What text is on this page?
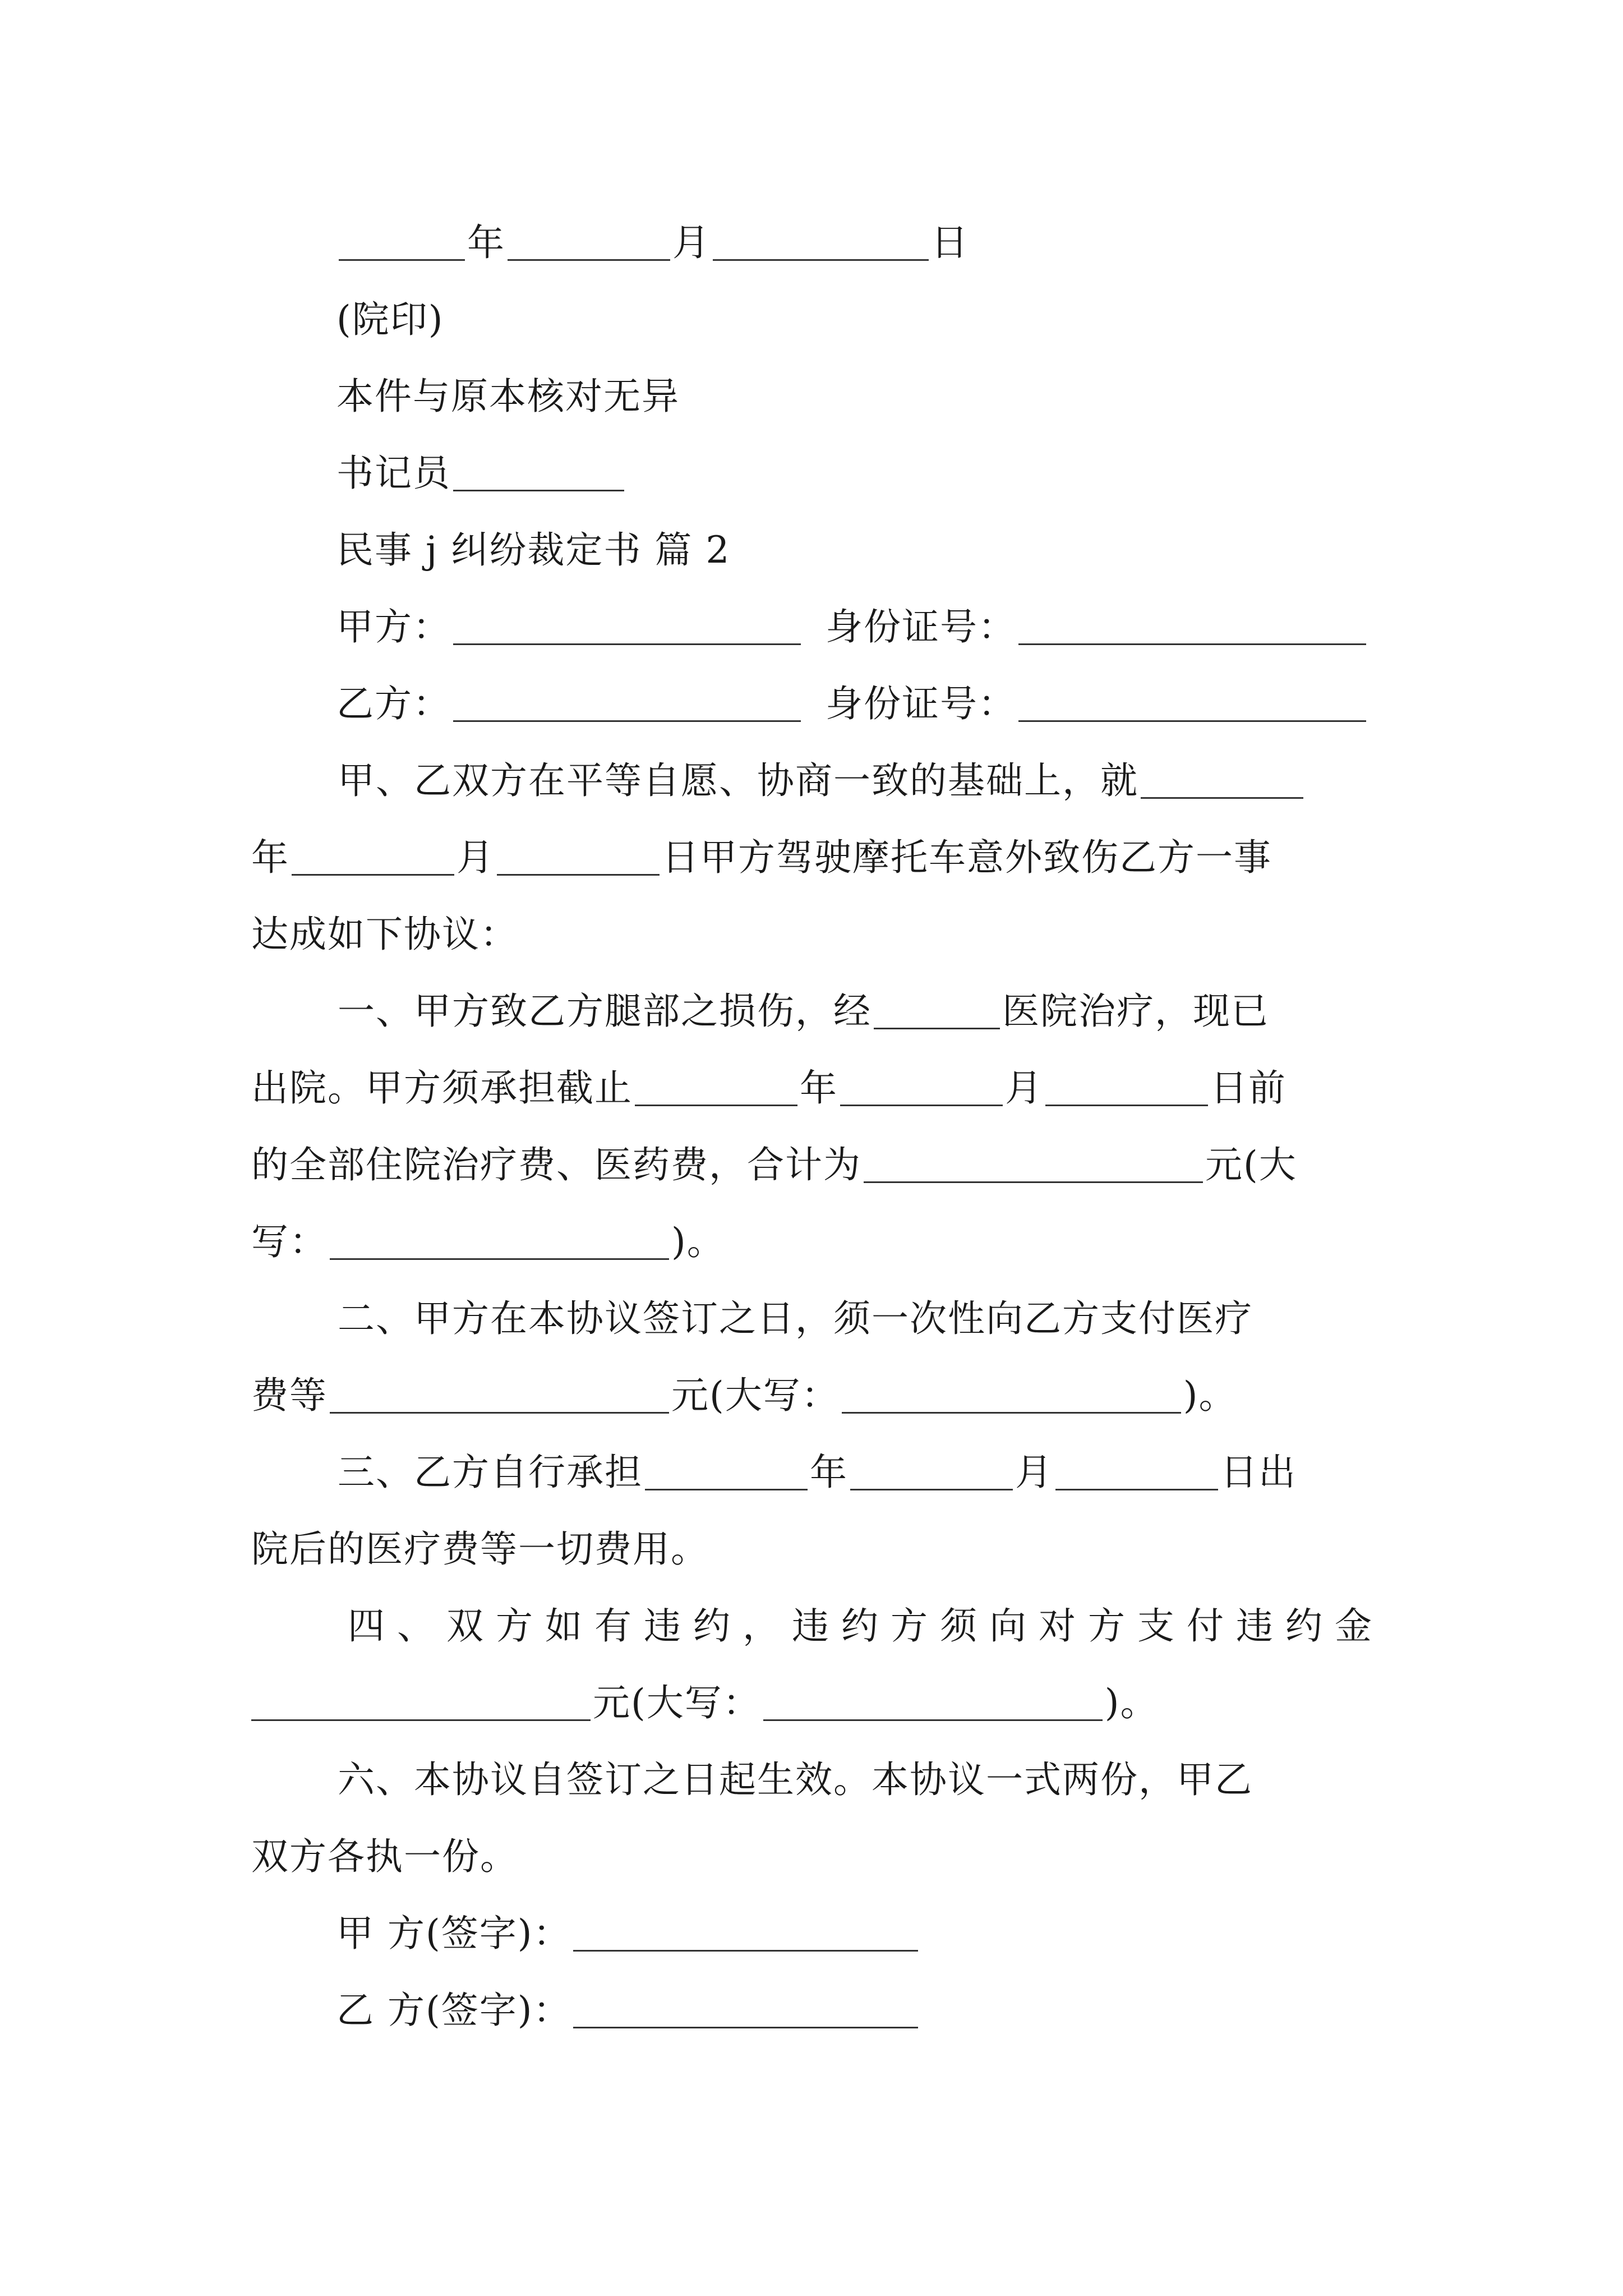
年	月	日
(院印)
本件与原本核对无异
书记员
民事 j 纠纷裁定书 篇 2
甲方：	身份证号：
乙方：	身份证号：
甲、乙双方在平等自愿、协商一致的基础上，就
年	月	日甲方驾驶摩托车意外致伤乙方一事
达成如下协议：
一、甲方致乙方腿部之损伤，经	医院治疗，现已
出院。甲方须承担截止	年	月	日前
的全部住院治疗费、医药费，合计为	元(大
写：	)。
二、甲方在本协议签订之日，须一次性向乙方支付医疗
费等	元(大写：	)。
三、乙方自行承担	年	月	日出
院后的医疗费等一切费用。
四、双方如有违约，违约方须向对方支付违约金
元(大写：	)。
六、本协议自签订之日起生效。本协议一式两份，甲乙
双方各执一份。
甲 方(签字)：
乙 方(签字)：
